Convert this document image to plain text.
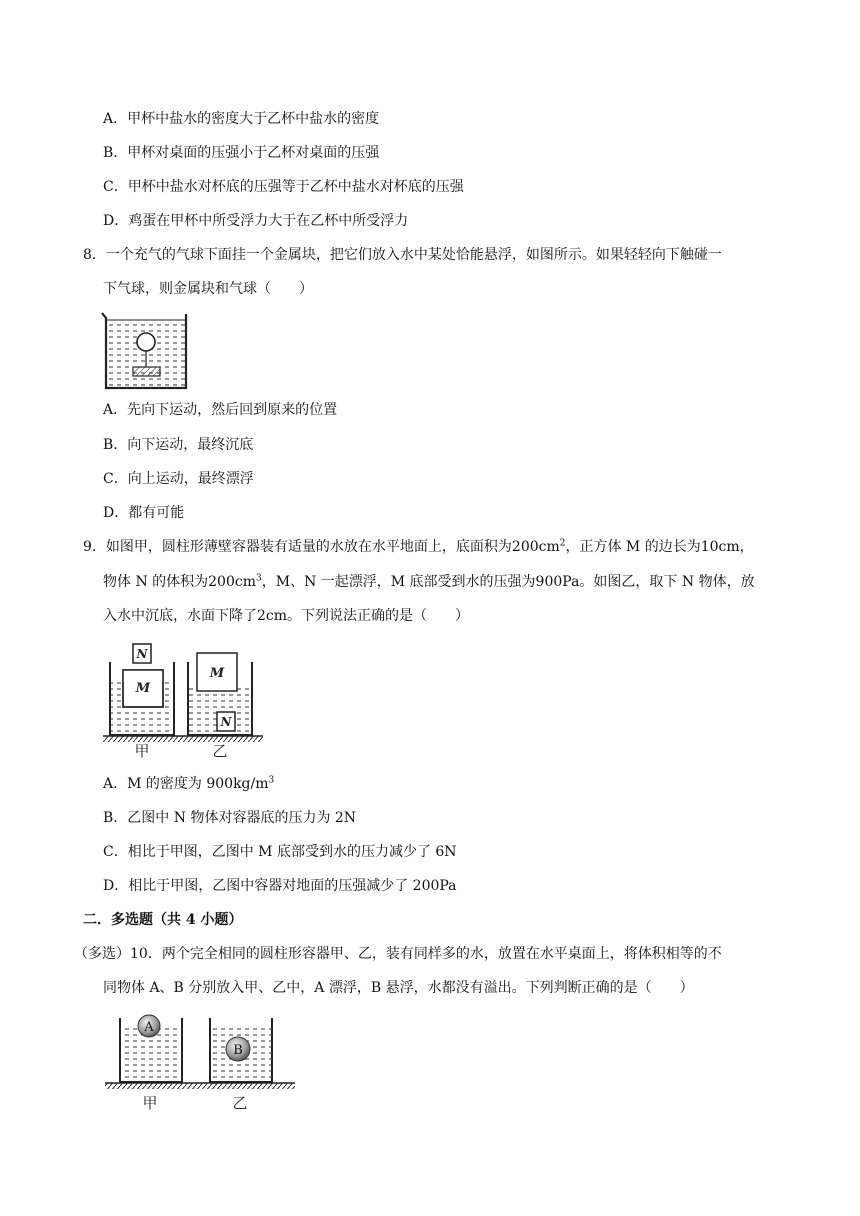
A．甲杯中盐水的密度大于乙杯中盐水的密度
B．甲杯对桌面的压强小于乙杯对桌面的压强
C．甲杯中盐水对杯底的压强等于乙杯中盐水对杯底的压强
D．鸡蛋在甲杯中所受浮力大于在乙杯中所受浮力
8．一个充气的气球下面挂一个金属块，把它们放入水中某处恰能悬浮，如图所示。如果轻轻向下触碰一
下气球，则金属块和气球（　　）
A．先向下运动，然后回到原来的位置
B．向下运动，最终沉底
C．向上运动，最终漂浮
D．都有可能
9．如图甲，圆柱形薄壁容器装有适量的水放在水平地面上，底面积为$200cm^2$，正方体 M 的边长为10cm，
物体 N 的体积为$200cm^3$，M、N 一起漂浮，M 底部受到水的压强为900Pa。如图乙，取下 N 物体，放
入水中沉底，水面下降了2cm。下列说法正确的是（　　）
N
M
M
N
甲	乙
A．M 的密度为 $900kg/m^3$
B．乙图中 N 物体对容器底的压力为 2N
C．相比于甲图，乙图中 M 底部受到水的压力减少了 6N
D．相比于甲图，乙图中容器对地面的压强减少了 200Pa
二．多选题（共 4 小题）
（多选）10．两个完全相同的圆柱形容器甲、乙，装有同样多的水，放置在水平桌面上，将体积相等的不
同物体 A、B 分别放入甲、乙中，A 漂浮，B 悬浮，水都没有溢出。下列判断正确的是（　　）
A
B
甲	乙
